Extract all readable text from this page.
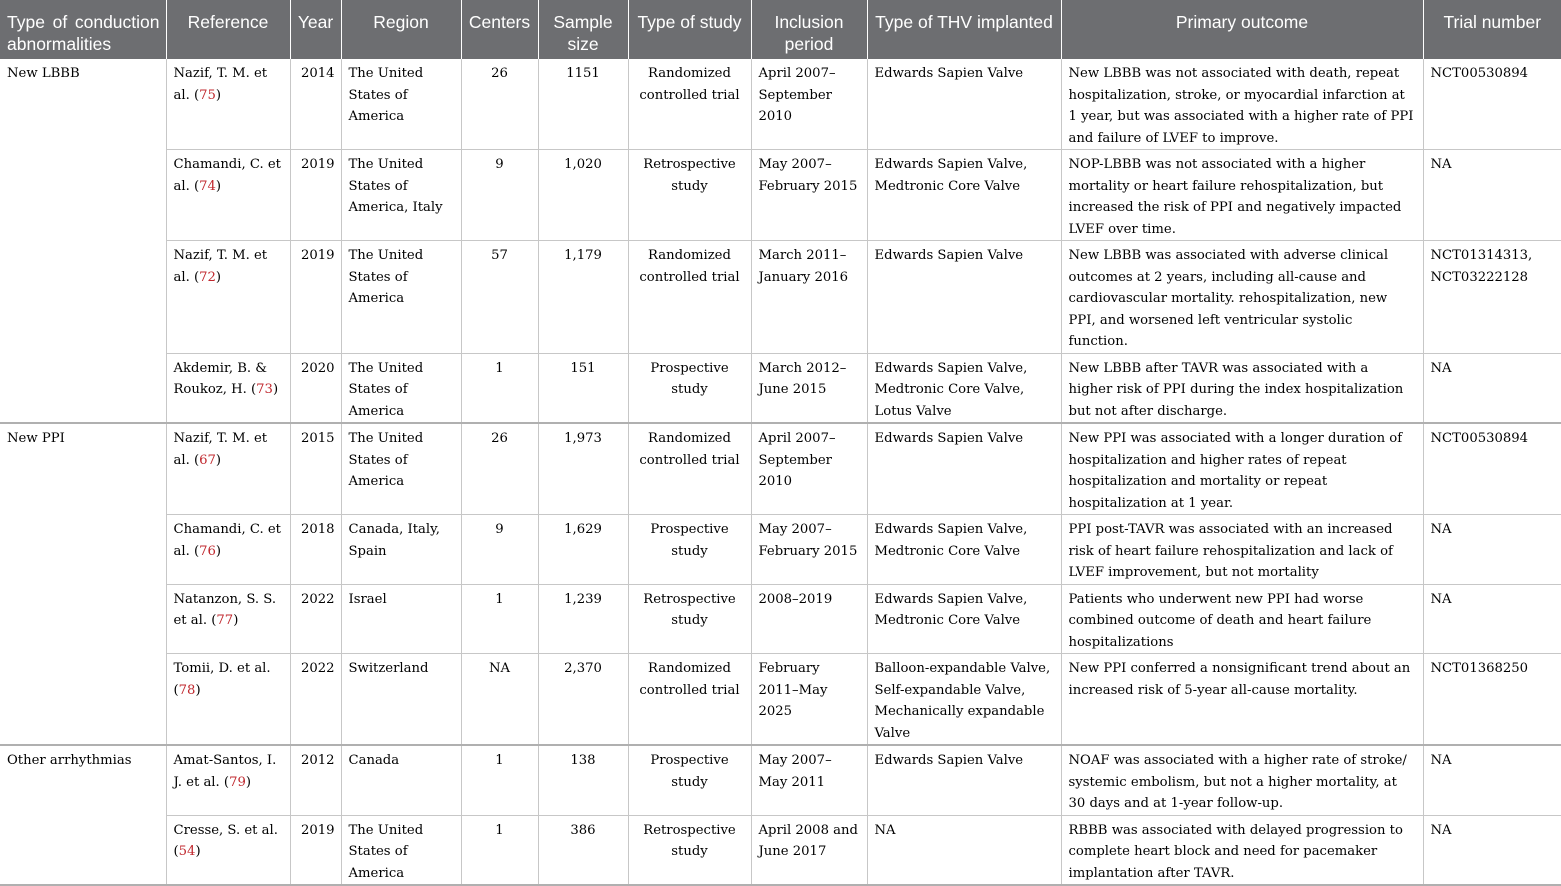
Type of conduction abnormalities	Reference	Year	Region	Centers	Sample size	Type of study	Inclusion period	Type of THV implanted	Primary outcome	Trial number
New LBBB	Nazif, T. M. et al. (75)	2014	The United States of America	26	1151	Randomized controlled trial	April 2007–September 2010	Edwards Sapien Valve	New LBBB was not associated with death, repeat hospitalization, stroke, or myocardial infarction at 1 year, but was associated with a higher rate of PPI and failure of LVEF to improve.	NCT00530894
	Chamandi, C. et al. (74)	2019	The United States of America, Italy	9	1,020	Retrospective study	May 2007–February 2015	Edwards Sapien Valve, Medtronic Core Valve	NOP-LBBB was not associated with a higher mortality or heart failure rehospitalization, but increased the risk of PPI and negatively impacted LVEF over time.	NA
	Nazif, T. M. et al. (72)	2019	The United States of America	57	1,179	Randomized controlled trial	March 2011–January 2016	Edwards Sapien Valve	New LBBB was associated with adverse clinical outcomes at 2 years, including all-cause and cardiovascular mortality. rehospitalization, new PPI, and worsened left ventricular systolic function.	NCT01314313, NCT03222128
	Akdemir, B. & Roukoz, H. (73)	2020	The United States of America	1	151	Prospective study	March 2012–June 2015	Edwards Sapien Valve, Medtronic Core Valve, Lotus Valve	New LBBB after TAVR was associated with a higher risk of PPI during the index hospitalization but not after discharge.	NA
New PPI	Nazif, T. M. et al. (67)	2015	The United States of America	26	1,973	Randomized controlled trial	April 2007–September 2010	Edwards Sapien Valve	New PPI was associated with a longer duration of hospitalization and higher rates of repeat hospitalization and mortality or repeat hospitalization at 1 year.	NCT00530894
	Chamandi, C. et al. (76)	2018	Canada, Italy, Spain	9	1,629	Prospective study	May 2007–February 2015	Edwards Sapien Valve, Medtronic Core Valve	PPI post-TAVR was associated with an increased risk of heart failure rehospitalization and lack of LVEF improvement, but not mortality	NA
	Natanzon, S. S. et al. (77)	2022	Israel	1	1,239	Retrospective study	2008–2019	Edwards Sapien Valve, Medtronic Core Valve	Patients who underwent new PPI had worse combined outcome of death and heart failure hospitalizations	NA
	Tomii, D. et al. (78)	2022	Switzerland	NA	2,370	Randomized controlled trial	February 2011–May 2025	Balloon-expandable Valve, Self-expandable Valve, Mechanically expandable Valve	New PPI conferred a nonsignificant trend about an increased risk of 5-year all-cause mortality.	NCT01368250
Other arrhythmias	Amat-Santos, I. J. et al. (79)	2012	Canada	1	138	Prospective study	May 2007–May 2011	Edwards Sapien Valve	NOAF was associated with a higher rate of stroke/ systemic embolism, but not a higher mortality, at 30 days and at 1-year follow-up.	NA
	Cresse, S. et al. (54)	2019	The United States of America	1	386	Retrospective study	April 2008 and June 2017	NA	RBBB was associated with delayed progression to complete heart block and need for pacemaker implantation after TAVR.	NA
